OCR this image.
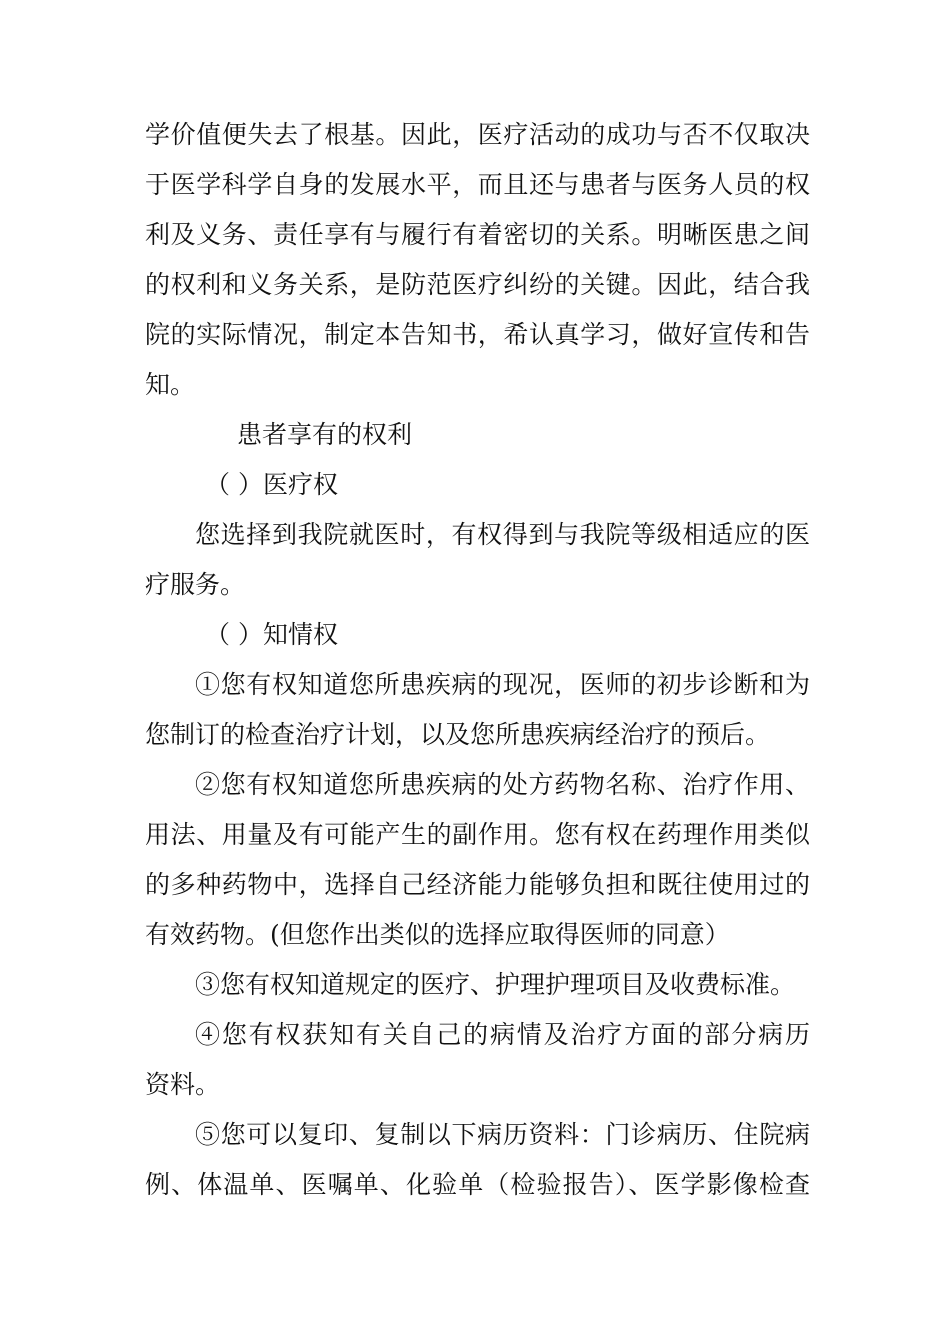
学价值便失去了根基。因此，医疗活动的成功与否不仅取决
于医学科学自身的发展水平，而且还与患者与医务人员的权
利及义务、责任享有与履行有着密切的关系。明晰医患之间
的权利和义务关系，是防范医疗纠纷的关键。因此，结合我
院的实际情况，制定本告知书，希认真学习，做好宣传和告
知。
患者享有的权利
（ ）医疗权
您选择到我院就医时，有权得到与我院等级相适应的医
疗服务。
（ ）知情权
①您有权知道您所患疾病的现况，医师的初步诊断和为
您制订的检查治疗计划，以及您所患疾病经治疗的预后。
②您有权知道您所患疾病的处方药物名称、治疗作用、
用法、用量及有可能产生的副作用。您有权在药理作用类似
的多种药物中，选择自己经济能力能够负担和既往使用过的
有效药物。(但您作出类似的选择应取得医师的同意）
③您有权知道规定的医疗、护理护理项目及收费标准。
④您有权获知有关自己的病情及治疗方面的部分病历
资料。
⑤您可以复印、复制以下病历资料：门诊病历、住院病
例、体温单、医嘱单、化验单（检验报告）、医学影像检查
